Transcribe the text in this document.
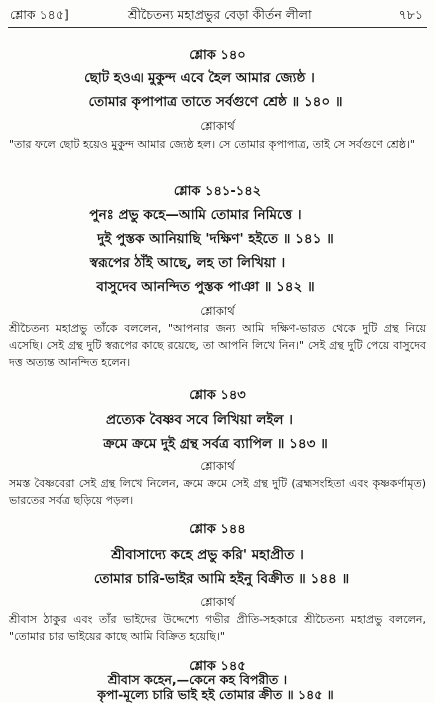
শ্লোক ১৪৫]	শ্রীচৈতন্য মহাপ্রভুর বেড়া কীর্তন লীলা	৭৮১
শ্লোক ১৪০
ছোট হওএ৷ মুকুন্দ এবে হৈল আমার জ্যেষ্ঠ ।
তোমার কৃপাপাত্র তাতে সর্বগুণে শ্রেষ্ঠ ॥ ১৪০ ॥
শ্লোকার্থ
"তার ফলে ছোট হয়েও মুকুন্দ আমার জ্যেষ্ঠ হল। সে তোমার কৃপাপাত্র, তাই সে সর্বগুণে শ্রেষ্ঠ।"
শ্লোক ১৪১-১৪২
পুনঃ প্রভু কহে—আমি তোমার নিমিত্তে ।
দুই পুস্তক আনিয়াছি 'দক্ষিণ' হইতে ॥ ১৪১ ॥
স্বরূপের ঠাঁই আছে, লহ তা লিখিয়া ।
বাসুদেব আনন্দিত পুস্তক পাঞা ॥ ১৪২ ॥
শ্লোকার্থ
শ্রীচৈতন্য মহাপ্রভু তাঁকে বললেন, "আপনার জন্য আমি দক্ষিণ-ভারত থেকে দুটি গ্রন্থ নিয়ে এসেছি। সেই গ্রন্থ দুটি স্বরূপের কাছে রয়েছে, তা আপনি লিখে নিন।" সেই গ্রন্থ দুটি পেয়ে বাসুদেব দত্ত অত্যন্ত আনন্দিত হলেন।
শ্লোক ১৪৩
প্রত্যেক বৈষ্ণব সবে লিখিয়া লইল ।
ক্রমে ক্রমে দুই গ্রন্থ সর্বত্র ব্যাপিল ॥ ১৪৩ ॥
শ্লোকার্থ
সমস্ত বৈষ্ণবেরা সেই গ্রন্থ লিখে নিলেন, ক্রমে ক্রমে সেই গ্রন্থ দুটি (ব্রহ্মসংহিতা এবং কৃষ্ণকর্ণামৃত) ভারতের সর্বত্র ছড়িয়ে পড়ল।
শ্লোক ১৪৪
শ্রীবাসাদ্যে কহে প্রভু করি' মহাপ্রীত ।
তোমার চারি-ভাইর আমি হইনু বিক্রীত ॥ ১৪৪ ॥
শ্লোকার্থ
শ্রীবাস ঠাকুর এবং তাঁর ভাইদের উদ্দেশ্যে গভীর প্রীতি-সহকারে শ্রীচৈতন্য মহাপ্রভু বললেন, "তোমার চার ভাইয়ের কাছে আমি বিক্রিত হয়েছি।"
শ্লোক ১৪৫
শ্রীবাস কহেন,—কেনে কহ বিপরীত ।
কৃপা-মূল্যে চারি ভাই হই তোমার ক্রীত ॥ ১৪৫ ॥
